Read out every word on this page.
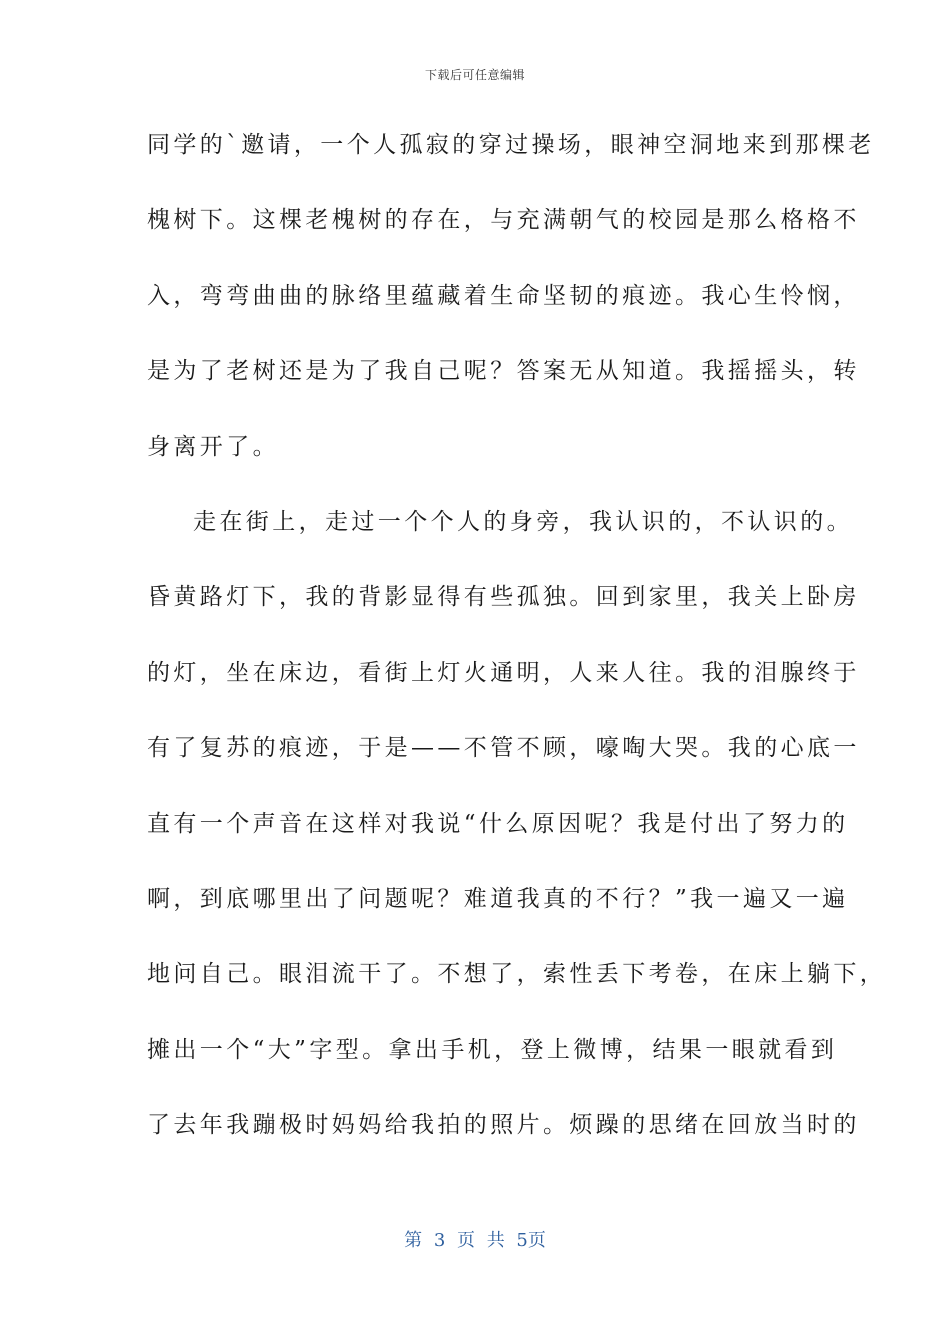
下载后可任意编辑
同学的`邀请，一个人孤寂的穿过操场，眼神空洞地来到那棵老
槐树下。这棵老槐树的存在，与充满朝气的校园是那么格格不
入，弯弯曲曲的脉络里蕴藏着生命坚韧的痕迹。我心生怜悯，
是为了老树还是为了我自己呢？答案无从知道。我摇摇头，转
身离开了。
走在街上，走过一个个人的身旁，我认识的，不认识的。
昏黄路灯下，我的背影显得有些孤独。回到家里，我关上卧房
的灯，坐在床边，看街上灯火通明，人来人往。我的泪腺终于
有了复苏的痕迹，于是——不管不顾，嚎啕大哭。我的心底一
直有一个声音在这样对我说“什么原因呢？我是付出了努力的
啊，到底哪里出了问题呢？难道我真的不行？”我一遍又一遍
地问自己。眼泪流干了。不想了，索性丢下考卷，在床上躺下，
摊出一个“大”字型。拿出手机，登上微博，结果一眼就看到
了去年我蹦极时妈妈给我拍的照片。烦躁的思绪在回放当时的
第 3 页 共 5页
